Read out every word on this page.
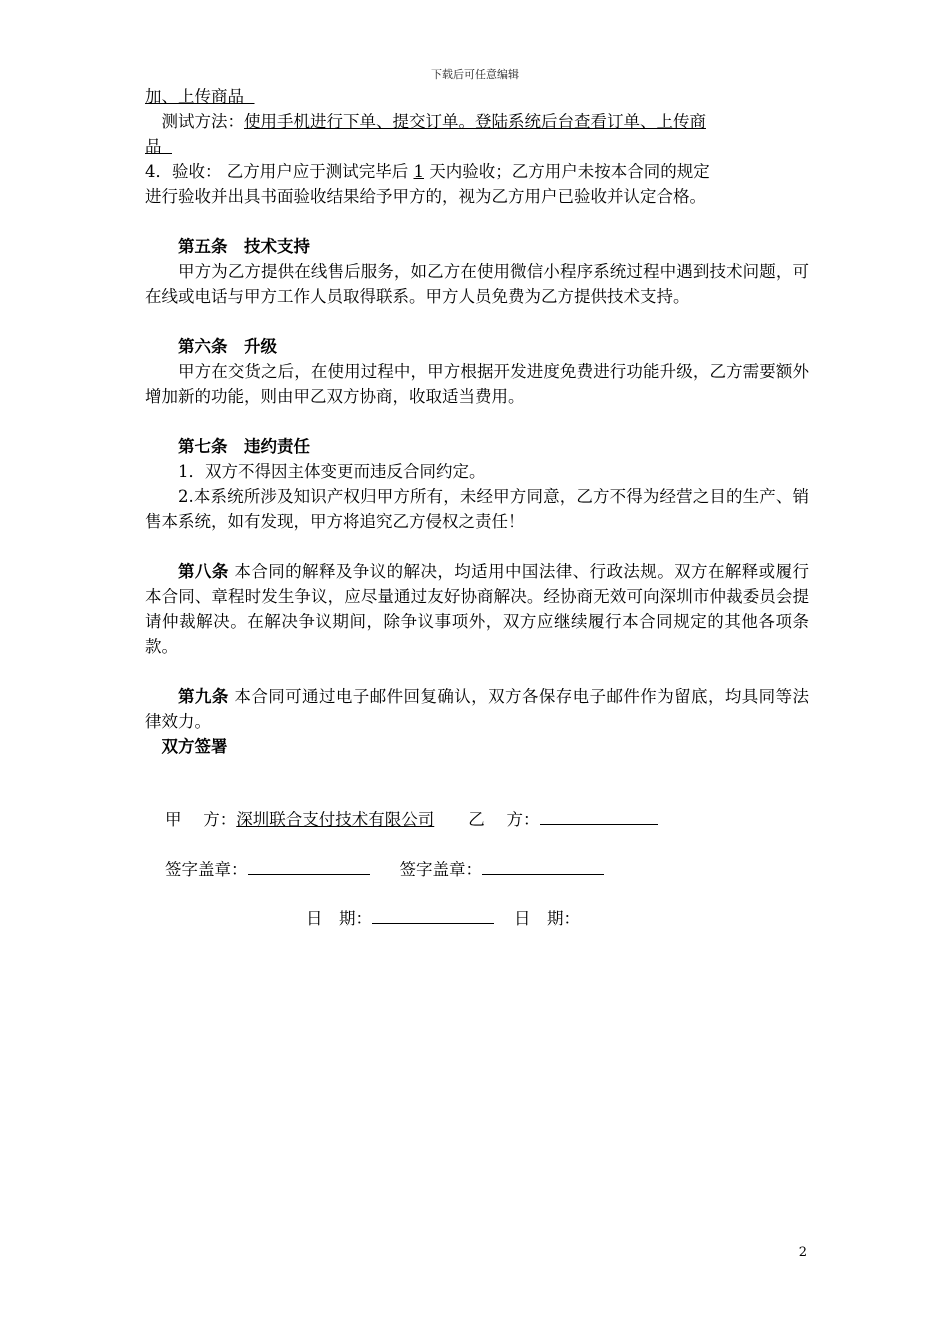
下载后可任意编辑

加、上传商品

测试方法：使用手机进行下单、提交订单。登陆系统后台查看订单、上传商

品

4．验收： 乙方用户应于测试完毕后 1 天内验收；乙方用户未按本合同的规定

进行验收并出具书面验收结果给予甲方的，视为乙方用户已验收并认定合格。

第五条　技术支持

甲方为乙方提供在线售后服务，如乙方在使用微信小程序系统过程中遇到技术问题，可在线或电话与甲方工作人员取得联系。甲方人员免费为乙方提供技术支持。

第六条　升级

甲方在交货之后，在使用过程中，甲方根据开发进度免费进行功能升级，乙方需要额外增加新的功能，则由甲乙双方协商，收取适当费用。

第七条　违约责任

1．双方不得因主体变更而违反合同约定。

2.本系统所涉及知识产权归甲方所有，未经甲方同意，乙方不得为经营之目的生产、销售本系统，如有发现，甲方将追究乙方侵权之责任！

第八条 本合同的解释及争议的解决，均适用中国法律、行政法规。双方在解释或履行本合同、章程时发生争议，应尽量通过友好协商解决。经协商无效可向深圳市仲裁委员会提请仲裁解决。在解决争议期间，除争议事项外，双方应继续履行本合同规定的其他各项条款。

第九条 本合同可通过电子邮件回复确认，双方各保存电子邮件作为留底，均具同等法律效力。

双方签署

甲　 方：深圳联合支付技术有限公司 乙　 方：
签字盖章：	签字盖章：
日　期：	日　期：
2
